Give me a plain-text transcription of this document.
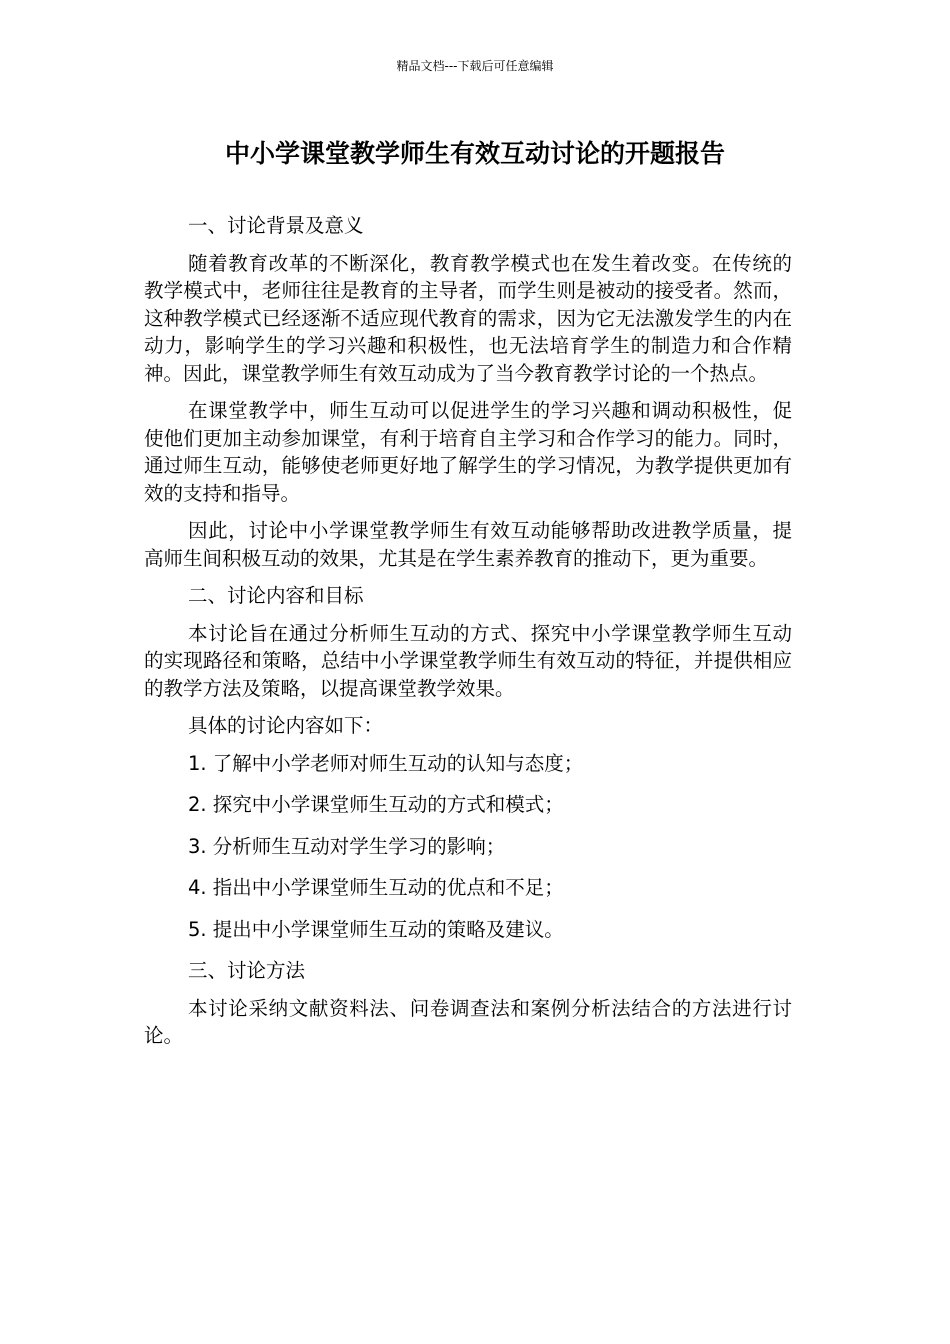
精品文档---下载后可任意编辑
中小学课堂教学师生有效互动讨论的开题报告
一、讨论背景及意义

随着教育改革的不断深化，教育教学模式也在发生着改变。在传统的教学模式中，老师往往是教育的主导者，而学生则是被动的接受者。然而，这种教学模式已经逐渐不适应现代教育的需求，因为它无法激发学生的内在动力，影响学生的学习兴趣和积极性，也无法培育学生的制造力和合作精神。因此，课堂教学师生有效互动成为了当今教育教学讨论的一个热点。

在课堂教学中，师生互动可以促进学生的学习兴趣和调动积极性，促使他们更加主动参加课堂，有利于培育自主学习和合作学习的能力。同时，通过师生互动，能够使老师更好地了解学生的学习情况，为教学提供更加有效的支持和指导。

因此，讨论中小学课堂教学师生有效互动能够帮助改进教学质量，提高师生间积极互动的效果，尤其是在学生素养教育的推动下，更为重要。

二、讨论内容和目标

本讨论旨在通过分析师生互动的方式、探究中小学课堂教学师生互动的实现路径和策略，总结中小学课堂教学师生有效互动的特征，并提供相应的教学方法及策略，以提高课堂教学效果。

具体的讨论内容如下：

1. 了解中小学老师对师生互动的认知与态度；
2. 探究中小学课堂师生互动的方式和模式；
3. 分析师生互动对学生学习的影响；
4. 指出中小学课堂师生互动的优点和不足；
5. 提出中小学课堂师生互动的策略及建议。
三、讨论方法

本讨论采纳文献资料法、问卷调查法和案例分析法结合的方法进行讨论。
